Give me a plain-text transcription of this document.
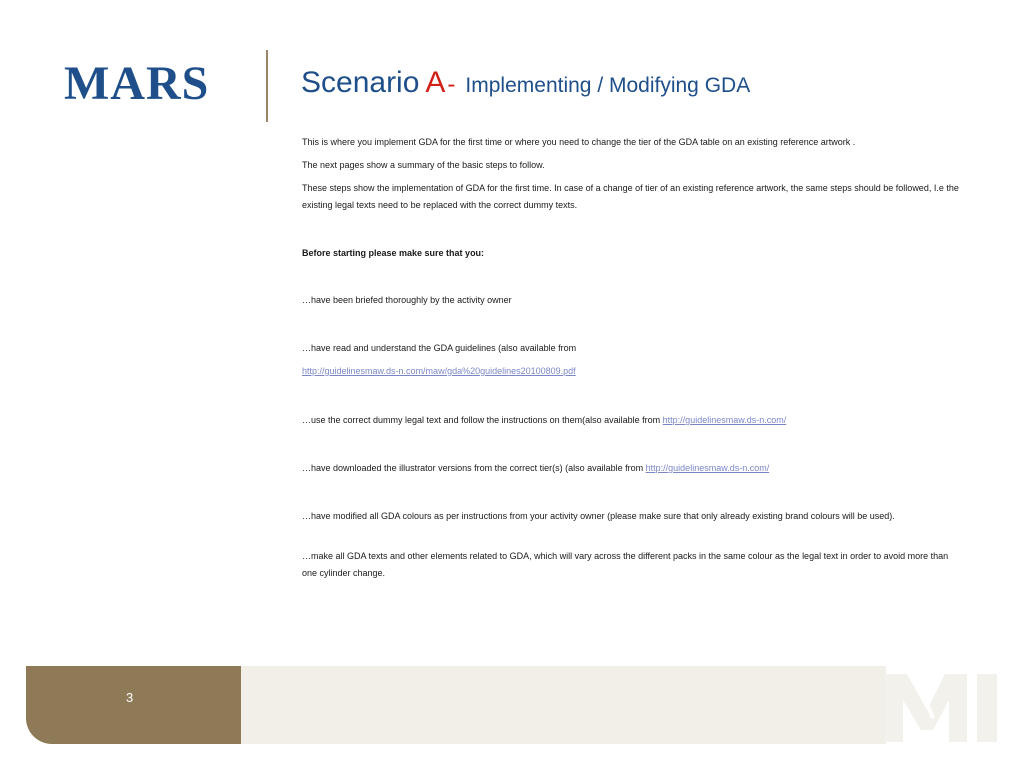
MARS	Scenario A- Implementing / Modifying GDA

This is where you implement GDA for the first time or where you need to change the tier of the GDA table on an existing reference artwork .

The next pages show a summary of the basic steps to follow.

These steps show the implementation of GDA for the first time. In case of a change of tier of an existing reference artwork, the same steps should be followed, I.e the existing legal texts need to be replaced with the correct dummy texts.

Before starting please make sure that you:

…have been briefed thoroughly by the activity owner

…have read and understand the GDA guidelines (also available from

http://guidelinesmaw.ds-n.com/maw/gda%20guidelines20100809.pdf

…use the correct dummy legal text and follow the instructions on them(also available from http://guidelinesmaw.ds-n.com/

…have downloaded the illustrator versions from the correct tier(s) (also available from http://guidelinesmaw.ds-n.com/

…have modified all GDA colours as per instructions from your activity owner (please make sure that only already existing brand colours will be used).

…make all GDA texts and other elements related to GDA, which will vary across the different packs in the same colour as the legal text in order to avoid more than one cylinder change.

3
